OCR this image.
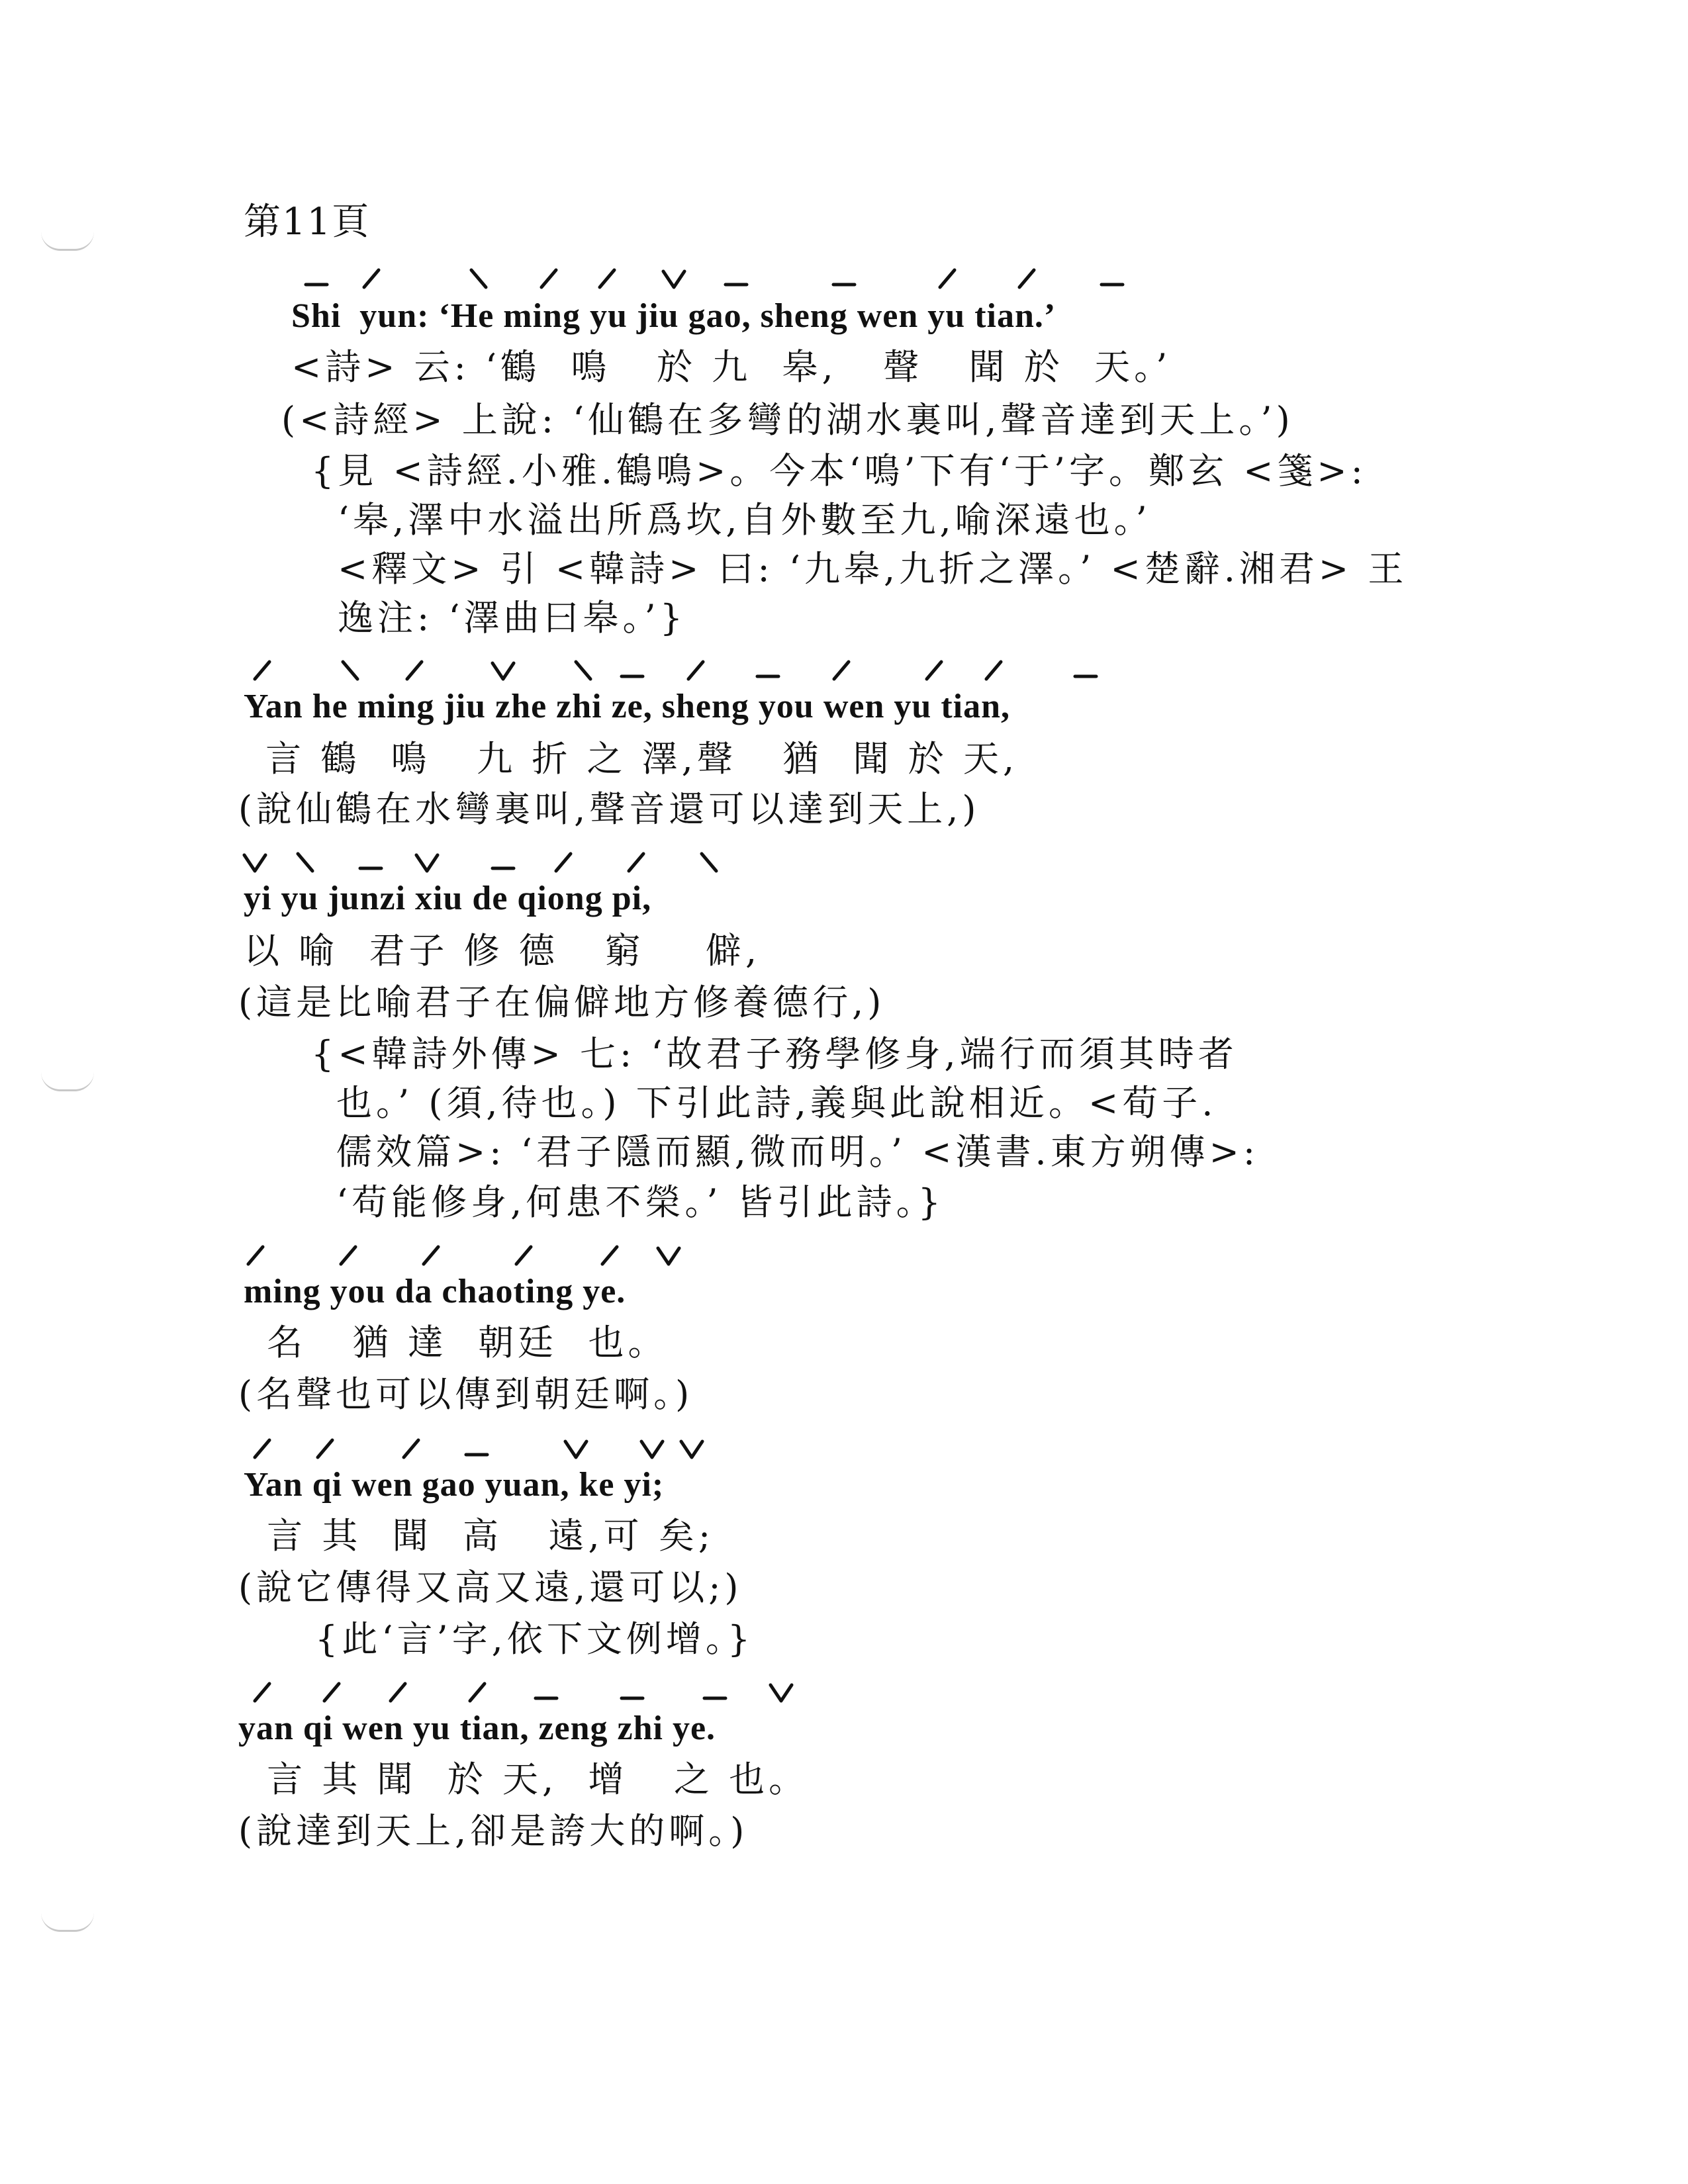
第11頁
Shi  yun: ‘He ming yu jiu gao, sheng wen yu tian.’
<詩> 云: ‘鶴  鳴   於 九  皋,   聲   聞 於  天。’
(<詩經> 上說: ‘仙鶴在多彎的湖水裏叫,聲音達到天上。’)
{見 <詩經.小雅.鶴鳴>。今本‘鳴’下有‘于’字。鄭玄 <箋>:
‘皋,澤中水溢出所爲坎,自外數至九,喻深遠也。’
<釋文> 引 <韓詩> 曰: ‘九皋,九折之澤。’ <楚辭.湘君> 王
逸注: ‘澤曲曰皋。’}
Yan he ming jiu zhe zhi ze, sheng you wen yu tian,
言 鶴  鳴   九 折 之 澤,聲   猶  聞 於 天,
(說仙鶴在水彎裏叫,聲音還可以達到天上,)
yi yu junzi xiu de qiong pi,
以 喻  君子 修 德   窮    僻,
(這是比喻君子在偏僻地方修養德行,)
{<韓詩外傳> 七: ‘故君子務學修身,端行而須其時者
也。’ (須,待也。) 下引此詩,義與此說相近。<荀子.
儒效篇>: ‘君子隱而顯,微而明。’ <漢書.東方朔傳>:
‘苟能修身,何患不榮。’ 皆引此詩。}
ming you da chaoting ye.
名   猶 達  朝廷  也。
(名聲也可以傳到朝廷啊。)
Yan qi wen gao yuan, ke yi;
言 其  聞  高   遠,可 矣;
(說它傳得又高又遠,還可以;)
{此‘言’字,依下文例增。}
yan qi wen yu tian, zeng zhi ye.
言 其 聞  於 天,  增   之 也。
(說達到天上,卻是誇大的啊。)
